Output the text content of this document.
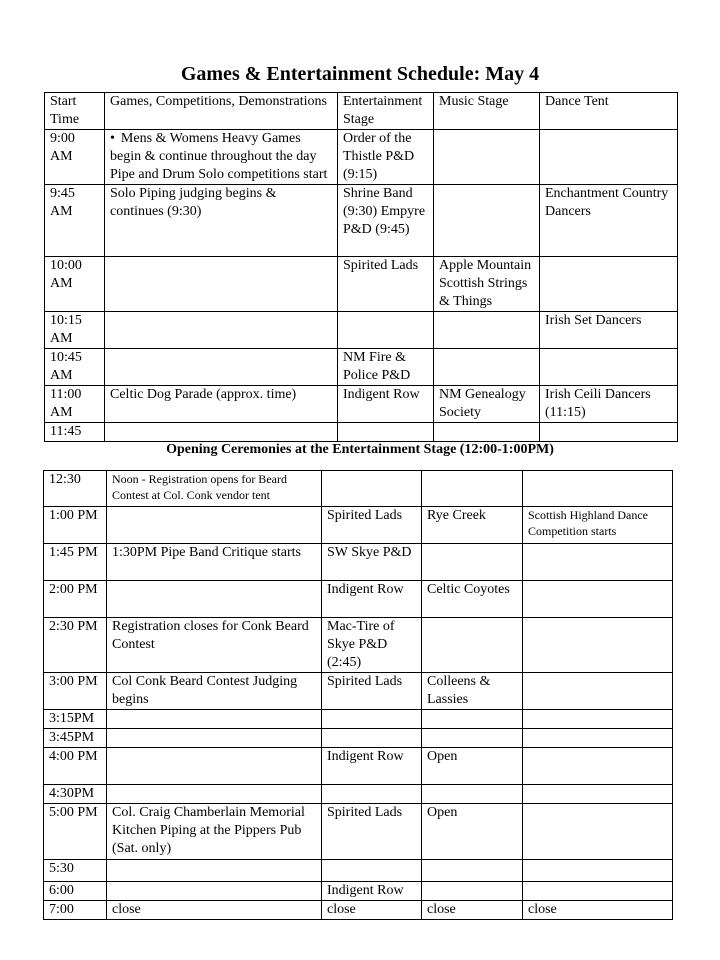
Games & Entertainment Schedule: May 4
Start Time	Games, Competitions, Demonstrations	Entertainment Stage	Music Stage	Dance Tent
9:00 AM	• Mens & Womens Heavy Games begin & continue throughout the day Pipe and Drum Solo competitions start	Order of the Thistle P&D (9:15)		
9:45 AM	Solo Piping judging begins & continues (9:30)	Shrine Band (9:30) Empyre P&D (9:45)		Enchantment Country Dancers
10:00 AM		Spirited Lads	Apple Mountain Scottish Strings & Things	
10:15 AM				Irish Set Dancers
10:45 AM		NM Fire & Police P&D		
11:00 AM	Celtic Dog Parade (approx. time)	Indigent Row	NM Genealogy Society	Irish Ceili Dancers (11:15)
11:45				
Opening Ceremonies at the Entertainment Stage (12:00-1:00PM)
12:30	Noon - Registration opens for Beard Contest at Col. Conk vendor tent			
1:00 PM		Spirited Lads	Rye Creek	Scottish Highland Dance Competition starts
1:45 PM	1:30PM Pipe Band Critique starts	SW Skye P&D		
2:00 PM		Indigent Row	Celtic Coyotes	
2:30 PM	Registration closes for Conk Beard Contest	Mac-Tire of Skye P&D (2:45)		
3:00 PM	Col Conk Beard Contest Judging begins	Spirited Lads	Colleens & Lassies	
3:15PM				
3:45PM				
4:00 PM		Indigent Row	Open	
4:30PM				
5:00 PM	Col. Craig Chamberlain Memorial Kitchen Piping at the Pippers Pub (Sat. only)	Spirited Lads	Open	
5:30				
6:00		Indigent Row		
7:00	close	close	close	close
